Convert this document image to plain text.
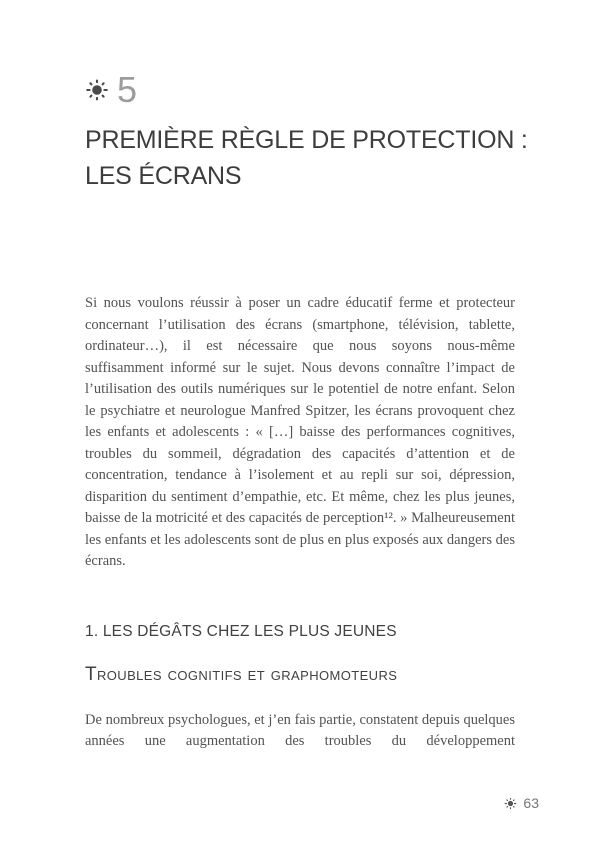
5
PREMIÈRE RÈGLE DE PROTECTION :
LES ÉCRANS

Si nous voulons réussir à poser un cadre éducatif ferme et protecteur concernant l’utilisation des écrans (smartphone, télévision, tablette, ordinateur…), il est nécessaire que nous soyons nous-même suffisamment informé sur le sujet. Nous devons connaître l’impact de l’utilisation des outils numériques sur le potentiel de notre enfant. Selon le psychiatre et neurologue Manfred Spitzer, les écrans provoquent chez les enfants et adolescents : « […] baisse des performances cognitives, troubles du sommeil, dégradation des capacités d’attention et de concentration, tendance à l’isolement et au repli sur soi, dépression, disparition du sentiment d’empathie, etc. Et même, chez les plus jeunes, baisse de la motricité et des capacités de perception¹². » Malheureusement les enfants et les adolescents sont de plus en plus exposés aux dangers des écrans.

1. LES DÉGÂTS CHEZ LES PLUS JEUNES
Troubles cognitifs et graphomoteurs

De nombreux psychologues, et j’en fais partie, constatent depuis quelques années une augmentation des troubles du développement

63
